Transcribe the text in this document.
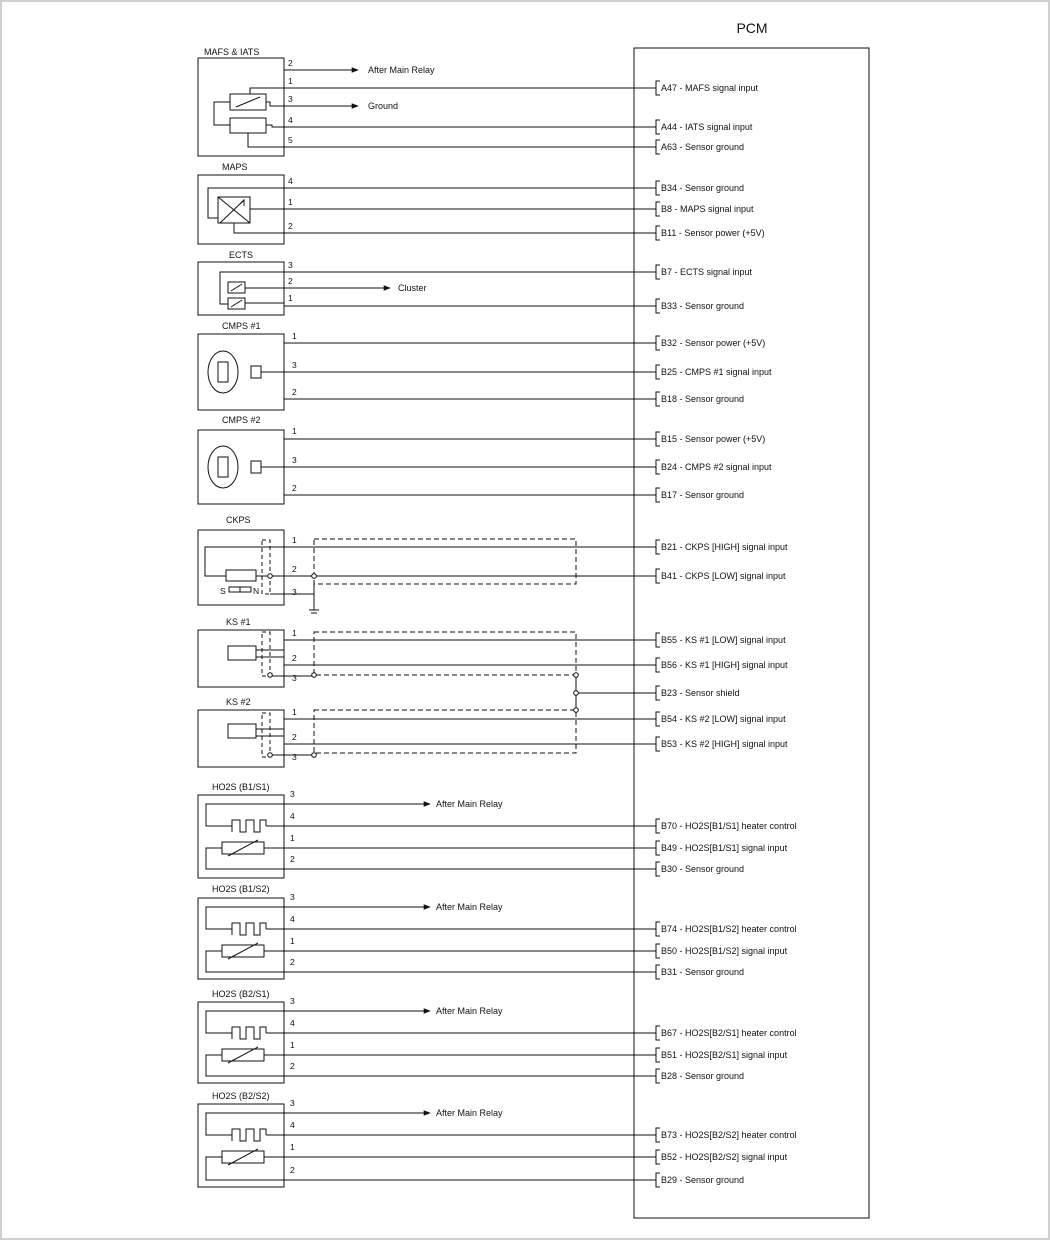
PCM
MAFS & IATS
2
1
3
4
5
After Main Relay
Ground
A47 - MAFS signal input
A44 - IATS signal input
A63 - Sensor ground
MAPS
4
1
2
B34 - Sensor ground
B8 - MAPS signal input
B11 - Sensor power (+5V)
ECTS
3
2
1
Cluster
B7 - ECTS signal input
B33 - Sensor ground
CMPS #1
1
3
2
B32 - Sensor power (+5V)
B25 - CMPS #1 signal input
B18 - Sensor ground
CMPS #2
1
3
2
B15 - Sensor power (+5V)
B24 - CMPS #2 signal input
B17 - Sensor ground
CKPS
1
2
3
S	N
B21 - CKPS [HIGH] signal input
B41 - CKPS [LOW] signal input
KS #1
1
2
3
B55 - KS #1 [LOW] signal input
B56 - KS #1 [HIGH] signal input
B23 - Sensor shield
KS #2
1
2
3
B54 - KS #2 [LOW] signal input
B53 - KS #2 [HIGH] signal input
HO2S (B1/S1)
3
4
1
2
After Main Relay
B70 - HO2S[B1/S1] heater control
B49 - HO2S[B1/S1] signal input
B30 - Sensor ground
HO2S (B1/S2)
3
4
1
2
After Main Relay
B74 - HO2S[B1/S2] heater control
B50 - HO2S[B1/S2] signal input
B31 - Sensor ground
HO2S (B2/S1)
3
4
1
2
After Main Relay
B67 - HO2S[B2/S1] heater control
B51 - HO2S[B2/S1] signal input
B28 - Sensor ground
HO2S (B2/S2)
3
4
1
2
After Main Relay
B73 - HO2S[B2/S2] heater control
B52 - HO2S[B2/S2] signal input
B29 - Sensor ground
